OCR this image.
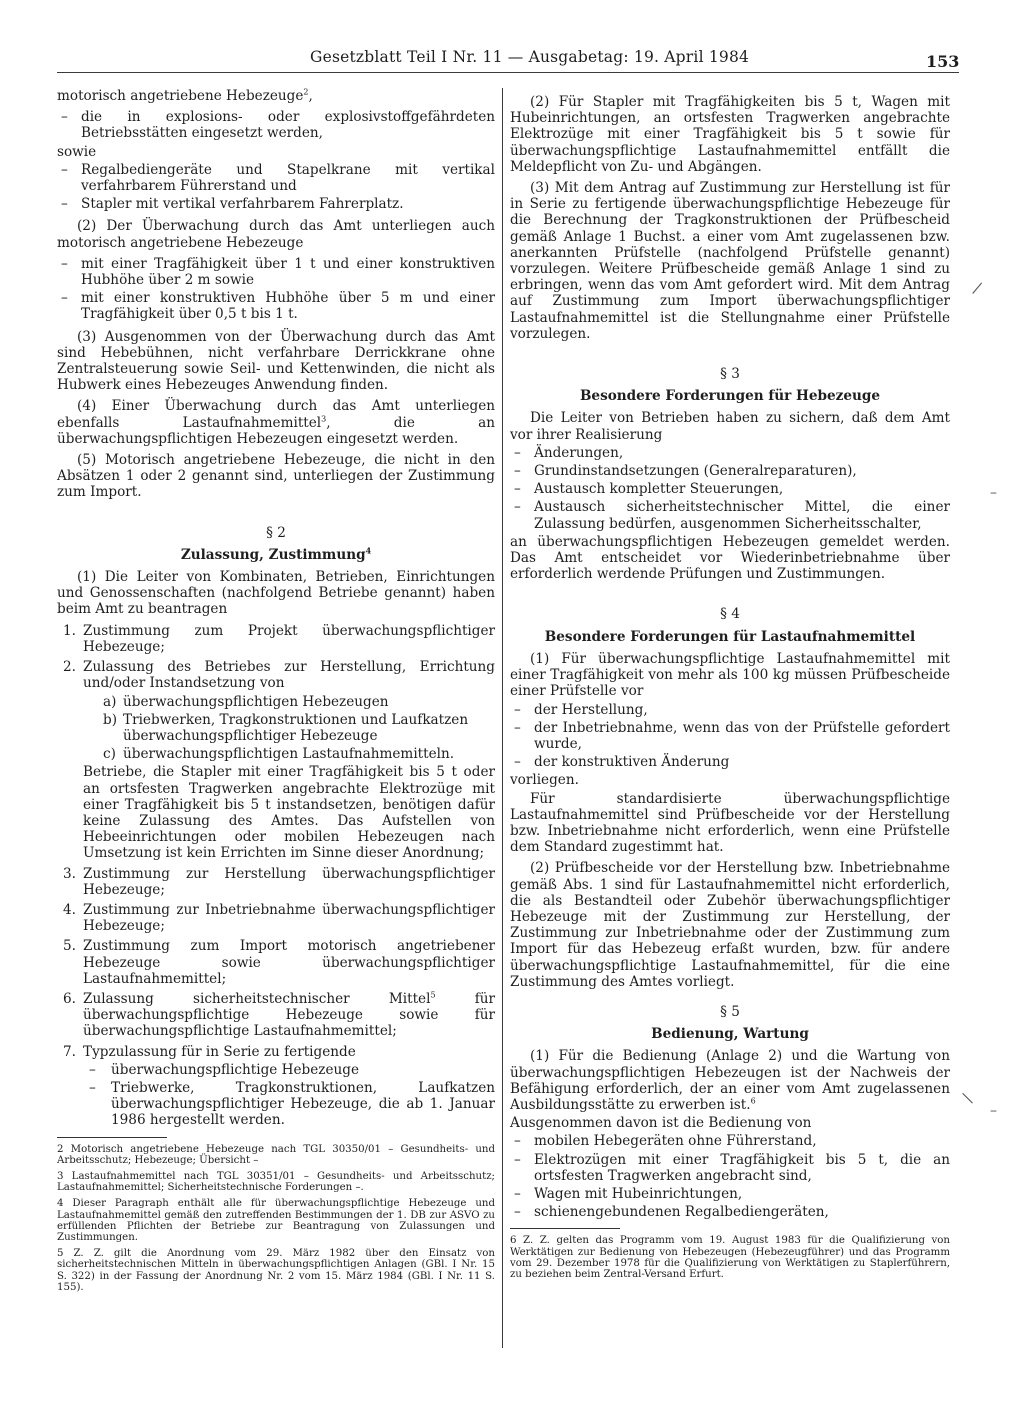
Gesetzblatt Teil I Nr. 11 — Ausgabetag: 19. April 1984	153

motorisch angetriebene Hebezeuge$^2$,

– die in explosions- oder explosivstoffgefährdeten Betriebsstätten eingesetzt werden,
sowie
– Regalbediengeräte und Stapelkrane mit vertikal verfahrbarem Führerstand und
– Stapler mit vertikal verfahrbarem Fahrerplatz.

(2) Der Überwachung durch das Amt unterliegen auch motorisch angetriebene Hebezeuge

– mit einer Tragfähigkeit über 1 t und einer konstruktiven Hubhöhe über 2 m sowie
– mit einer konstruktiven Hubhöhe über 5 m und einer Tragfähigkeit über 0,5 t bis 1 t.

(3) Ausgenommen von der Überwachung durch das Amt sind Hebebühnen, nicht verfahrbare Derrickkrane ohne Zentralsteuerung sowie Seil- und Kettenwinden, die nicht als Hubwerk eines Hebezeuges Anwendung finden.

(4) Einer Überwachung durch das Amt unterliegen ebenfalls Lastaufnahmemittel$^3$, die an überwachungspflichtigen Hebezeugen eingesetzt werden.

(5) Motorisch angetriebene Hebezeuge, die nicht in den Absätzen 1 oder 2 genannt sind, unterliegen der Zustimmung zum Import.

§ 2
Zulassung, Zustimmung$^4$

(1) Die Leiter von Kombinaten, Betrieben, Einrichtungen und Genossenschaften (nachfolgend Betriebe genannt) haben beim Amt zu beantragen

1. Zustimmung zum Projekt überwachungspflichtiger Hebezeuge;
2. Zulassung des Betriebes zur Herstellung, Errichtung und/oder Instandsetzung von
a) überwachungspflichtigen Hebezeugen
b) Triebwerken, Tragkonstruktionen und Laufkatzen überwachungspflichtiger Hebezeuge
c) überwachungspflichtigen Lastaufnahmemitteln.
Betriebe, die Stapler mit einer Tragfähigkeit bis 5 t oder an ortsfesten Tragwerken angebrachte Elektrozüge mit einer Tragfähigkeit bis 5 t instandsetzen, benötigen dafür keine Zulassung des Amtes. Das Aufstellen von Hebeeinrichtungen oder mobilen Hebezeugen nach Umsetzung ist kein Errichten im Sinne dieser Anordnung;
3. Zustimmung zur Herstellung überwachungspflichtiger Hebezeuge;
4. Zustimmung zur Inbetriebnahme überwachungspflichtiger Hebezeuge;
5. Zustimmung zum Import motorisch angetriebener Hebezeuge sowie überwachungspflichtiger Lastaufnahmemittel;
6. Zulassung sicherheitstechnischer Mittel$^5$ für überwachungspflichtige Hebezeuge sowie für überwachungspflichtige Lastaufnahmemittel;
7. Typzulassung für in Serie zu fertigende
– überwachungspflichtige Hebezeuge
– Triebwerke, Tragkonstruktionen, Laufkatzen überwachungspflichtiger Hebezeuge, die ab 1. Januar 1986 hergestellt werden.

2 Motorisch angetriebene Hebezeuge nach TGL 30350/01 – Gesundheits- und Arbeitsschutz; Hebezeuge; Übersicht –

3 Lastaufnahmemittel nach TGL 30351/01 – Gesundheits- und Arbeitsschutz; Lastaufnahmemittel; Sicherheitstechnische Forderungen –.

4 Dieser Paragraph enthält alle für überwachungspflichtige Hebezeuge und Lastaufnahmemittel gemäß den zutreffenden Bestimmungen der 1. DB zur ASVO zu erfüllenden Pflichten der Betriebe zur Beantragung von Zulassungen und Zustimmungen.

5 Z. Z. gilt die Anordnung vom 29. März 1982 über den Einsatz von sicherheitstechnischen Mitteln in überwachungspflichtigen Anlagen (GBl. I Nr. 15 S. 322) in der Fassung der Anordnung Nr. 2 vom 15. März 1984 (GBl. I Nr. 11 S. 155).

(2) Für Stapler mit Tragfähigkeiten bis 5 t, Wagen mit Hubeinrichtungen, an ortsfesten Tragwerken angebrachte Elektrozüge mit einer Tragfähigkeit bis 5 t sowie für überwachungspflichtige Lastaufnahmemittel entfällt die Meldepflicht von Zu- und Abgängen.

(3) Mit dem Antrag auf Zustimmung zur Herstellung ist für in Serie zu fertigende überwachungspflichtige Hebezeuge für die Berechnung der Tragkonstruktionen der Prüfbescheid gemäß Anlage 1 Buchst. a einer vom Amt zugelassenen bzw. anerkannten Prüfstelle (nachfolgend Prüfstelle genannt) vorzulegen. Weitere Prüfbescheide gemäß Anlage 1 sind zu erbringen, wenn das vom Amt gefordert wird. Mit dem Antrag auf Zustimmung zum Import überwachungspflichtiger Lastaufnahmemittel ist die Stellungnahme einer Prüfstelle vorzulegen.

§ 3
Besondere Forderungen für Hebezeuge

Die Leiter von Betrieben haben zu sichern, daß dem Amt vor ihrer Realisierung

– Änderungen,
– Grundinstandsetzungen (Generalreparaturen),
– Austausch kompletter Steuerungen,
– Austausch sicherheitstechnischer Mittel, die einer Zulassung bedürfen, ausgenommen Sicherheitsschalter,

an überwachungspflichtigen Hebezeugen gemeldet werden. Das Amt entscheidet vor Wiederinbetriebnahme über erforderlich werdende Prüfungen und Zustimmungen.

§ 4
Besondere Forderungen für Lastaufnahmemittel

(1) Für überwachungspflichtige Lastaufnahmemittel mit einer Tragfähigkeit von mehr als 100 kg müssen Prüfbescheide einer Prüfstelle vor

– der Herstellung,
– der Inbetriebnahme, wenn das von der Prüfstelle gefordert wurde,
– der konstruktiven Änderung

vorliegen.

Für standardisierte überwachungspflichtige Lastaufnahmemittel sind Prüfbescheide vor der Herstellung bzw. Inbetriebnahme nicht erforderlich, wenn eine Prüfstelle dem Standard zugestimmt hat.

(2) Prüfbescheide vor der Herstellung bzw. Inbetriebnahme gemäß Abs. 1 sind für Lastaufnahmemittel nicht erforderlich, die als Bestandteil oder Zubehör überwachungspflichtiger Hebezeuge mit der Zustimmung zur Herstellung, der Zustimmung zur Inbetriebnahme oder der Zustimmung zum Import für das Hebezeug erfaßt wurden, bzw. für andere überwachungspflichtige Lastaufnahmemittel, für die eine Zustimmung des Amtes vorliegt.

§ 5
Bedienung, Wartung

(1) Für die Bedienung (Anlage 2) und die Wartung von überwachungspflichtigen Hebezeugen ist der Nachweis der Befähigung erforderlich, der an einer vom Amt zugelassenen Ausbildungsstätte zu erwerben ist.$^6$

Ausgenommen davon ist die Bedienung von

– mobilen Hebegeräten ohne Führerstand,
– Elektrozügen mit einer Tragfähigkeit bis 5 t, die an ortsfesten Tragwerken angebracht sind,
– Wagen mit Hubeinrichtungen,
– schienengebundenen Regalbediengeräten,

6 Z. Z. gelten das Programm vom 19. August 1983 für die Qualifizierung von Werktätigen zur Bedienung von Hebezeugen (Hebezeugführer) und das Programm vom 29. Dezember 1978 für die Qualifizierung von Werktätigen zu Staplerführern, zu beziehen beim Zentral-Versand Erfurt.

|
–
|
–
